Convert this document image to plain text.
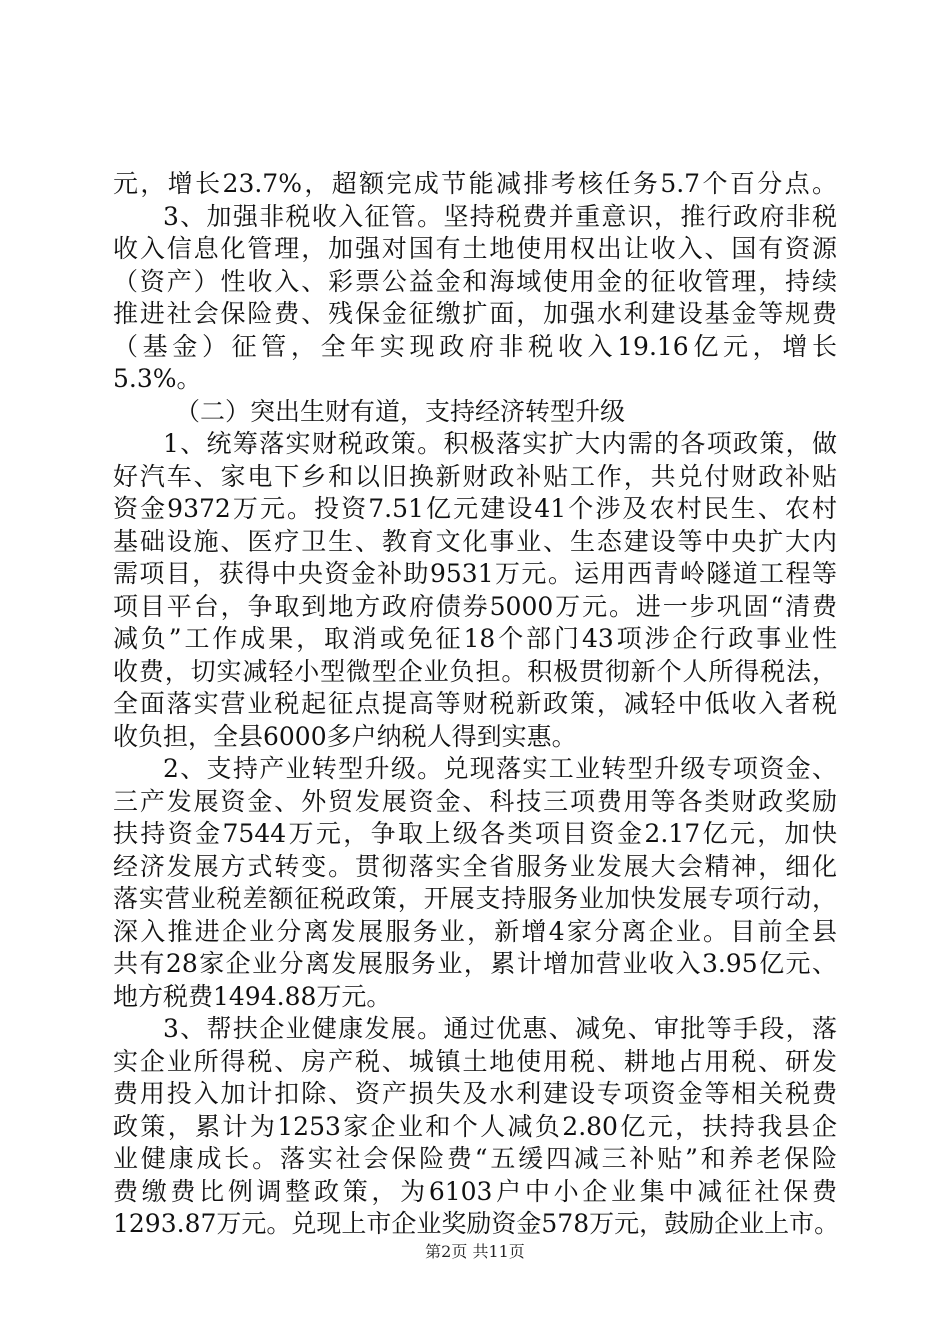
元，增长23.7%，超额完成节能减排考核任务5.7个百分点。
3、加强非税收入征管。坚持税费并重意识，推行政府非税
收入信息化管理，加强对国有土地使用权出让收入、国有资源
（资产）性收入、彩票公益金和海域使用金的征收管理，持续
推进社会保险费、残保金征缴扩面，加强水利建设基金等规费
（基金）征管，全年实现政府非税收入19.16亿元，增长
5.3%。
（二）突出生财有道，支持经济转型升级
1、统筹落实财税政策。积极落实扩大内需的各项政策，做
好汽车、家电下乡和以旧换新财政补贴工作，共兑付财政补贴
资金9372万元。投资7.51亿元建设41个涉及农村民生、农村
基础设施、医疗卫生、教育文化事业、生态建设等中央扩大内
需项目，获得中央资金补助9531万元。运用西青岭隧道工程等
项目平台，争取到地方政府债券5000万元。进一步巩固“清费
减负”工作成果，取消或免征18个部门43项涉企行政事业性
收费，切实减轻小型微型企业负担。积极贯彻新个人所得税法，
全面落实营业税起征点提高等财税新政策，减轻中低收入者税
收负担，全县6000多户纳税人得到实惠。
2、支持产业转型升级。兑现落实工业转型升级专项资金、
三产发展资金、外贸发展资金、科技三项费用等各类财政奖励
扶持资金7544万元，争取上级各类项目资金2.17亿元，加快
经济发展方式转变。贯彻落实全省服务业发展大会精神，细化
落实营业税差额征税政策，开展支持服务业加快发展专项行动，
深入推进企业分离发展服务业，新增4家分离企业。目前全县
共有28家企业分离发展服务业，累计增加营业收入3.95亿元、
地方税费1494.88万元。
3、帮扶企业健康发展。通过优惠、减免、审批等手段，落
实企业所得税、房产税、城镇土地使用税、耕地占用税、研发
费用投入加计扣除、资产损失及水利建设专项资金等相关税费
政策，累计为1253家企业和个人减负2.80亿元，扶持我县企
业健康成长。落实社会保险费“五缓四减三补贴”和养老保险
费缴费比例调整政策，为6103户中小企业集中减征社保费
1293.87万元。兑现上市企业奖励资金578万元，鼓励企业上市。
第2页 共11页
